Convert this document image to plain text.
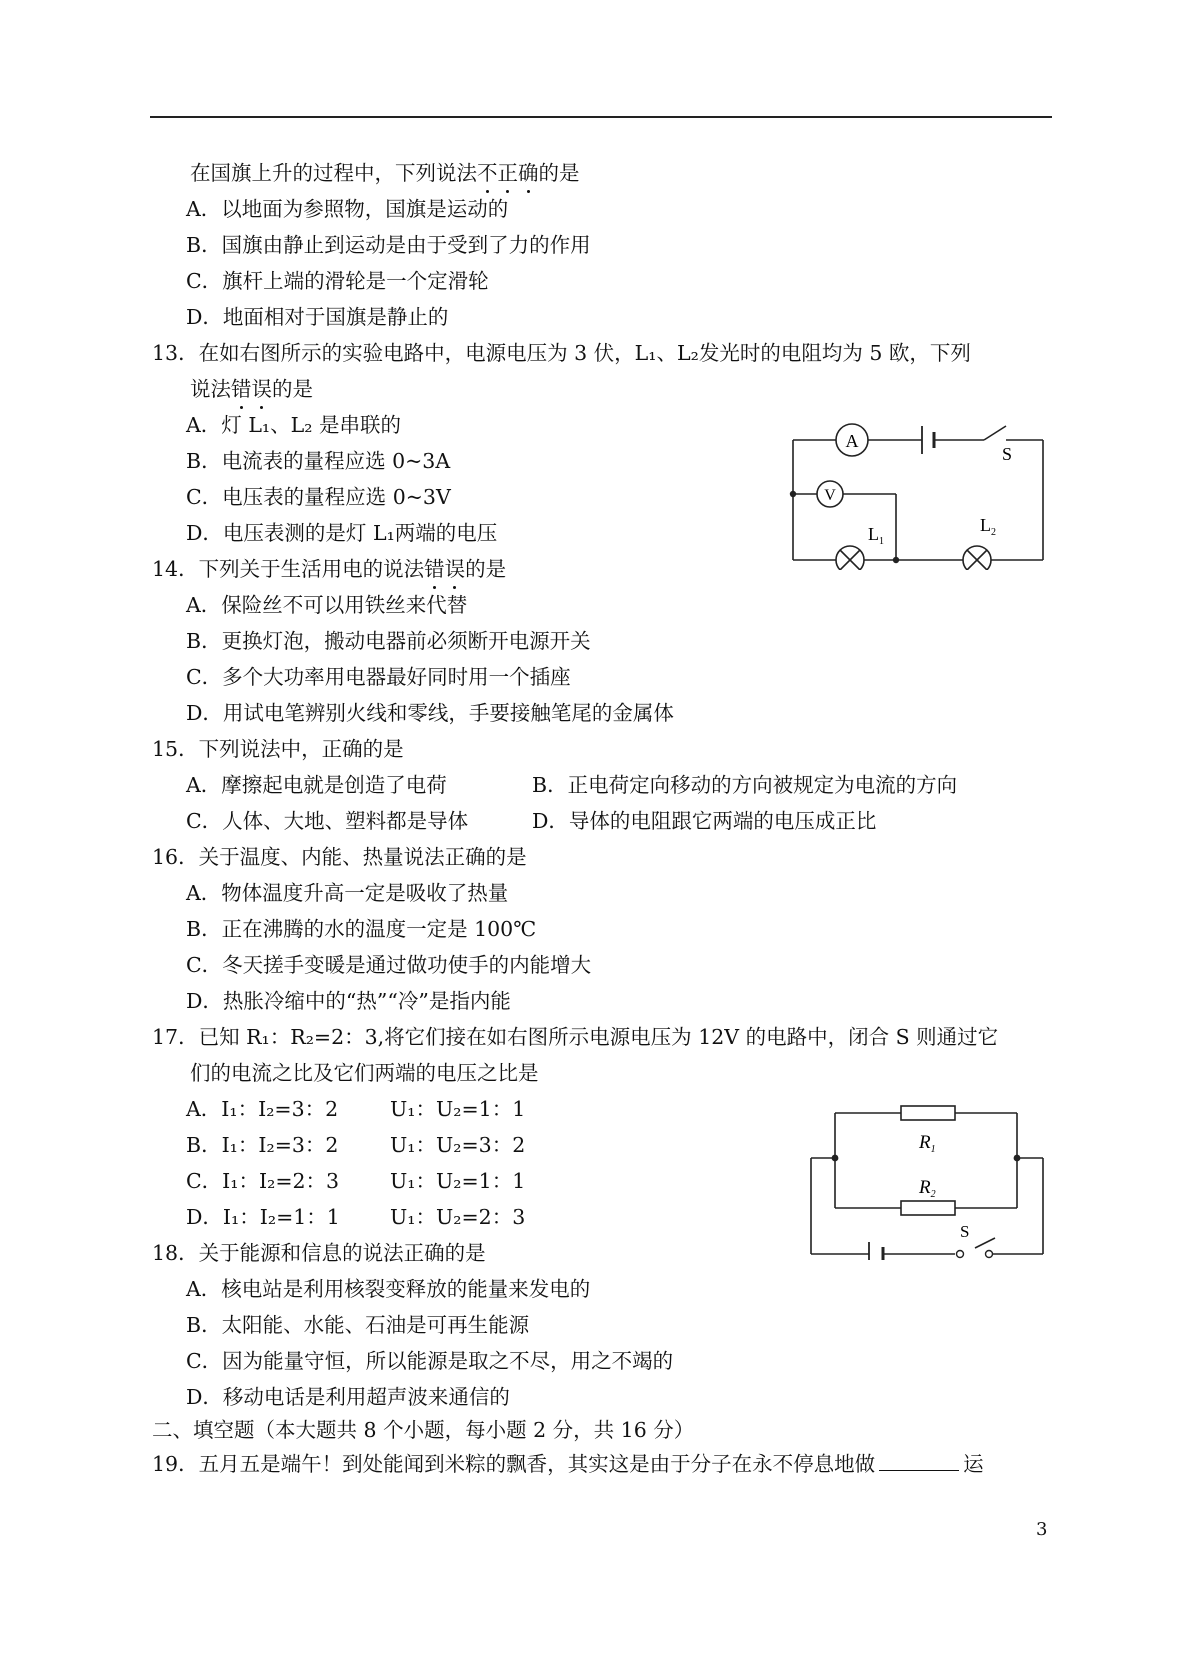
在国旗上升的过程中，下列说法不正确的是
A．以地面为参照物，国旗是运动的
B．国旗由静止到运动是由于受到了力的作用
C．旗杆上端的滑轮是一个定滑轮
D．地面相对于国旗是静止的
13．在如右图所示的实验电路中，电源电压为 3 伏，L₁、L₂发光时的电阻均为 5 欧，下列
说法错误的是
A．灯 L₁、L₂ 是串联的
B．电流表的量程应选 0~3A
C．电压表的量程应选 0~3V
D．电压表测的是灯 L₁两端的电压
A
V
S
$L_1$
$L_2$
14．下列关于生活用电的说法错误的是
A．保险丝不可以用铁丝来代替
B．更换灯泡，搬动电器前必须断开电源开关
C．多个大功率用电器最好同时用一个插座
D．用试电笔辨别火线和零线，手要接触笔尾的金属体
15．下列说法中，正确的是
A．摩擦起电就是创造了电荷	B．正电荷定向移动的方向被规定为电流的方向
C．人体、大地、塑料都是导体	D．导体的电阻跟它两端的电压成正比
16．关于温度、内能、热量说法正确的是
A．物体温度升高一定是吸收了热量
B．正在沸腾的水的温度一定是 100℃
C．冬天搓手变暖是通过做功使手的内能增大
D．热胀冷缩中的“热”“冷”是指内能
17．已知 R₁：R₂=2：3,将它们接在如右图所示电源电压为 12V 的电路中，闭合 S 则通过它
们的电流之比及它们两端的电压之比是
A．I₁：I₂=3：2	U₁：U₂=1：1
B．I₁：I₂=3：2	U₁：U₂=3：2
C．I₁：I₂=2：3 U₁：U₂=1：1
D．I₁：I₂=1：1 U₁：U₂=2：3
$R_1$
$R_2$
S
18．关于能源和信息的说法正确的是
A．核电站是利用核裂变释放的能量来发电的
B．太阳能、水能、石油是可再生能源
C．因为能量守恒，所以能源是取之不尽，用之不竭的
D．移动电话是利用超声波来通信的
二、填空题（本大题共 8 个小题，每小题 2 分，共 16 分）
19．五月五是端午！到处能闻到米粽的飘香，其实这是由于分子在永不停息地做	运
3
